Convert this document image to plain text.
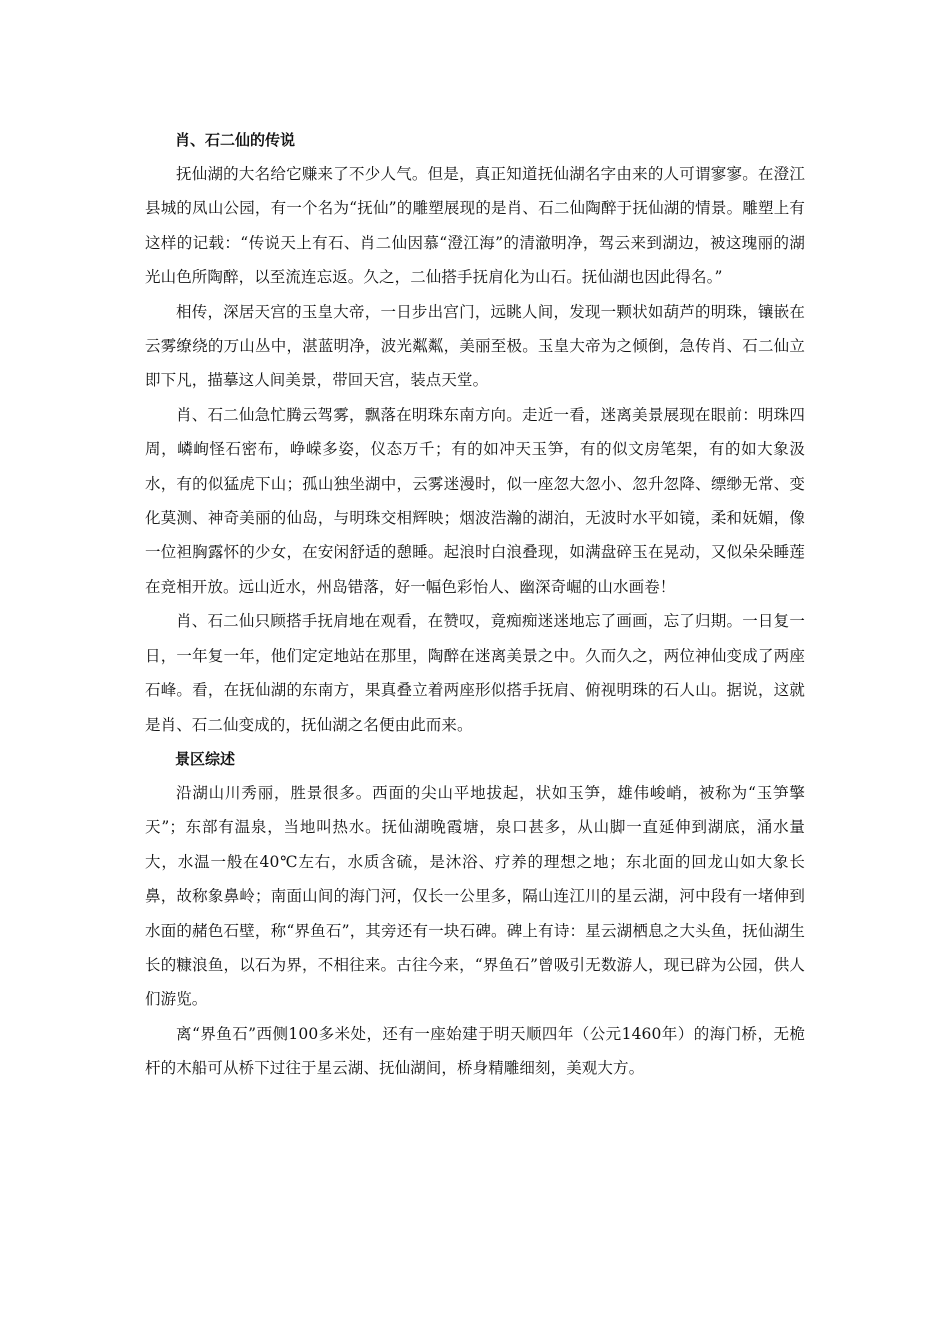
肖、石二仙的传说

抚仙湖的大名给它赚来了不少人气。但是，真正知道抚仙湖名字由来的人可谓寥寥。在澄江县城的凤山公园，有一个名为“抚仙”的雕塑展现的是肖、石二仙陶醉于抚仙湖的情景。雕塑上有这样的记载：“传说天上有石、肖二仙因慕“澄江海”的清澈明净，驾云来到湖边，被这瑰丽的湖光山色所陶醉，以至流连忘返。久之，二仙搭手抚肩化为山石。抚仙湖也因此得名。”

相传，深居天宫的玉皇大帝，一日步出宫门，远眺人间，发现一颗状如葫芦的明珠，镶嵌在云雾缭绕的万山丛中，湛蓝明净，波光粼粼，美丽至极。玉皇大帝为之倾倒，急传肖、石二仙立即下凡，描摹这人间美景，带回天宫，装点天堂。

肖、石二仙急忙腾云驾雾，飘落在明珠东南方向。走近一看，迷离美景展现在眼前：明珠四周，嶙峋怪石密布，峥嵘多姿，仪态万千；有的如冲天玉笋，有的似文房笔架，有的如大象汲水，有的似猛虎下山；孤山独坐湖中，云雾迷漫时，似一座忽大忽小、忽升忽降、缥缈无常、变化莫测、神奇美丽的仙岛，与明珠交相辉映；烟波浩瀚的湖泊，无波时水平如镜，柔和妩媚，像一位袒胸露怀的少女，在安闲舒适的憩睡。起浪时白浪叠现，如满盘碎玉在晃动，又似朵朵睡莲在竞相开放。远山近水，州岛错落，好一幅色彩怡人、幽深奇崛的山水画卷！

肖、石二仙只顾搭手抚肩地在观看，在赞叹，竟痴痴迷迷地忘了画画，忘了归期。一日复一日，一年复一年，他们定定地站在那里，陶醉在迷离美景之中。久而久之，两位神仙变成了两座石峰。看，在抚仙湖的东南方，果真叠立着两座形似搭手抚肩、俯视明珠的石人山。据说，这就是肖、石二仙变成的，抚仙湖之名便由此而来。

景区综述

沿湖山川秀丽，胜景很多。西面的尖山平地拔起，状如玉笋，雄伟峻峭，被称为“玉笋擎天”；东部有温泉，当地叫热水。抚仙湖晚霞塘，泉口甚多，从山脚一直延伸到湖底，涌水量大，水温一般在40℃左右，水质含硫，是沐浴、疗养的理想之地；东北面的回龙山如大象长鼻，故称象鼻岭；南面山间的海门河，仅长一公里多，隔山连江川的星云湖，河中段有一堵伸到水面的赭色石壁，称“界鱼石”，其旁还有一块石碑。碑上有诗：星云湖栖息之大头鱼，抚仙湖生长的糠浪鱼，以石为界，不相往来。古往今来，“界鱼石”曾吸引无数游人，现已辟为公园，供人们游览。

离“界鱼石”西侧100多米处，还有一座始建于明天顺四年（公元1460年）的海门桥，无桅杆的木船可从桥下过往于星云湖、抚仙湖间，桥身精雕细刻，美观大方。
